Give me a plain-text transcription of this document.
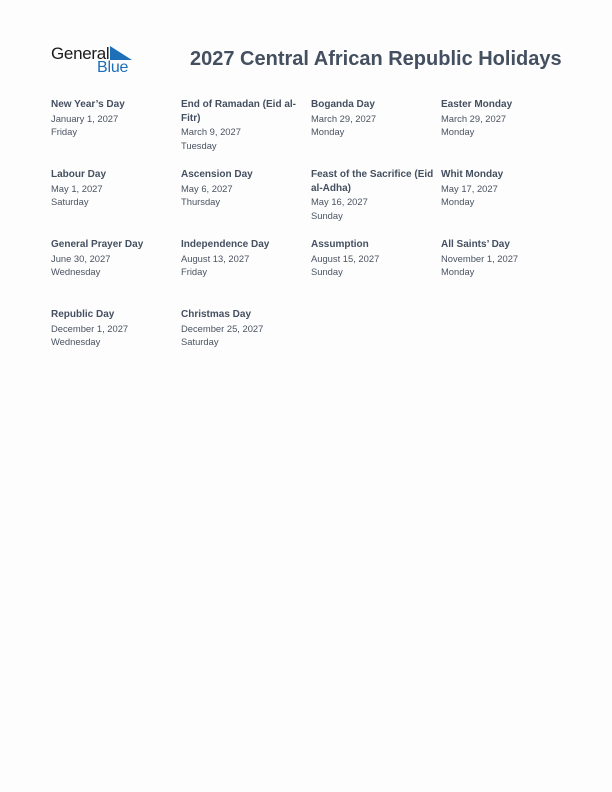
General
Blue	2027 Central African Republic Holidays
New Year’s Day
January 1, 2027
Friday
End of Ramadan (Eid al-Fitr)
March 9, 2027
Tuesday
Boganda Day
March 29, 2027
Monday
Easter Monday
March 29, 2027
Monday
Labour Day
May 1, 2027
Saturday
Ascension Day
May 6, 2027
Thursday
Feast of the Sacrifice (Eid al-Adha)
May 16, 2027
Sunday
Whit Monday
May 17, 2027
Monday
General Prayer Day
June 30, 2027
Wednesday
Independence Day
August 13, 2027
Friday
Assumption
August 15, 2027
Sunday
All Saints’ Day
November 1, 2027
Monday
Republic Day
December 1, 2027
Wednesday
Christmas Day
December 25, 2027
Saturday
